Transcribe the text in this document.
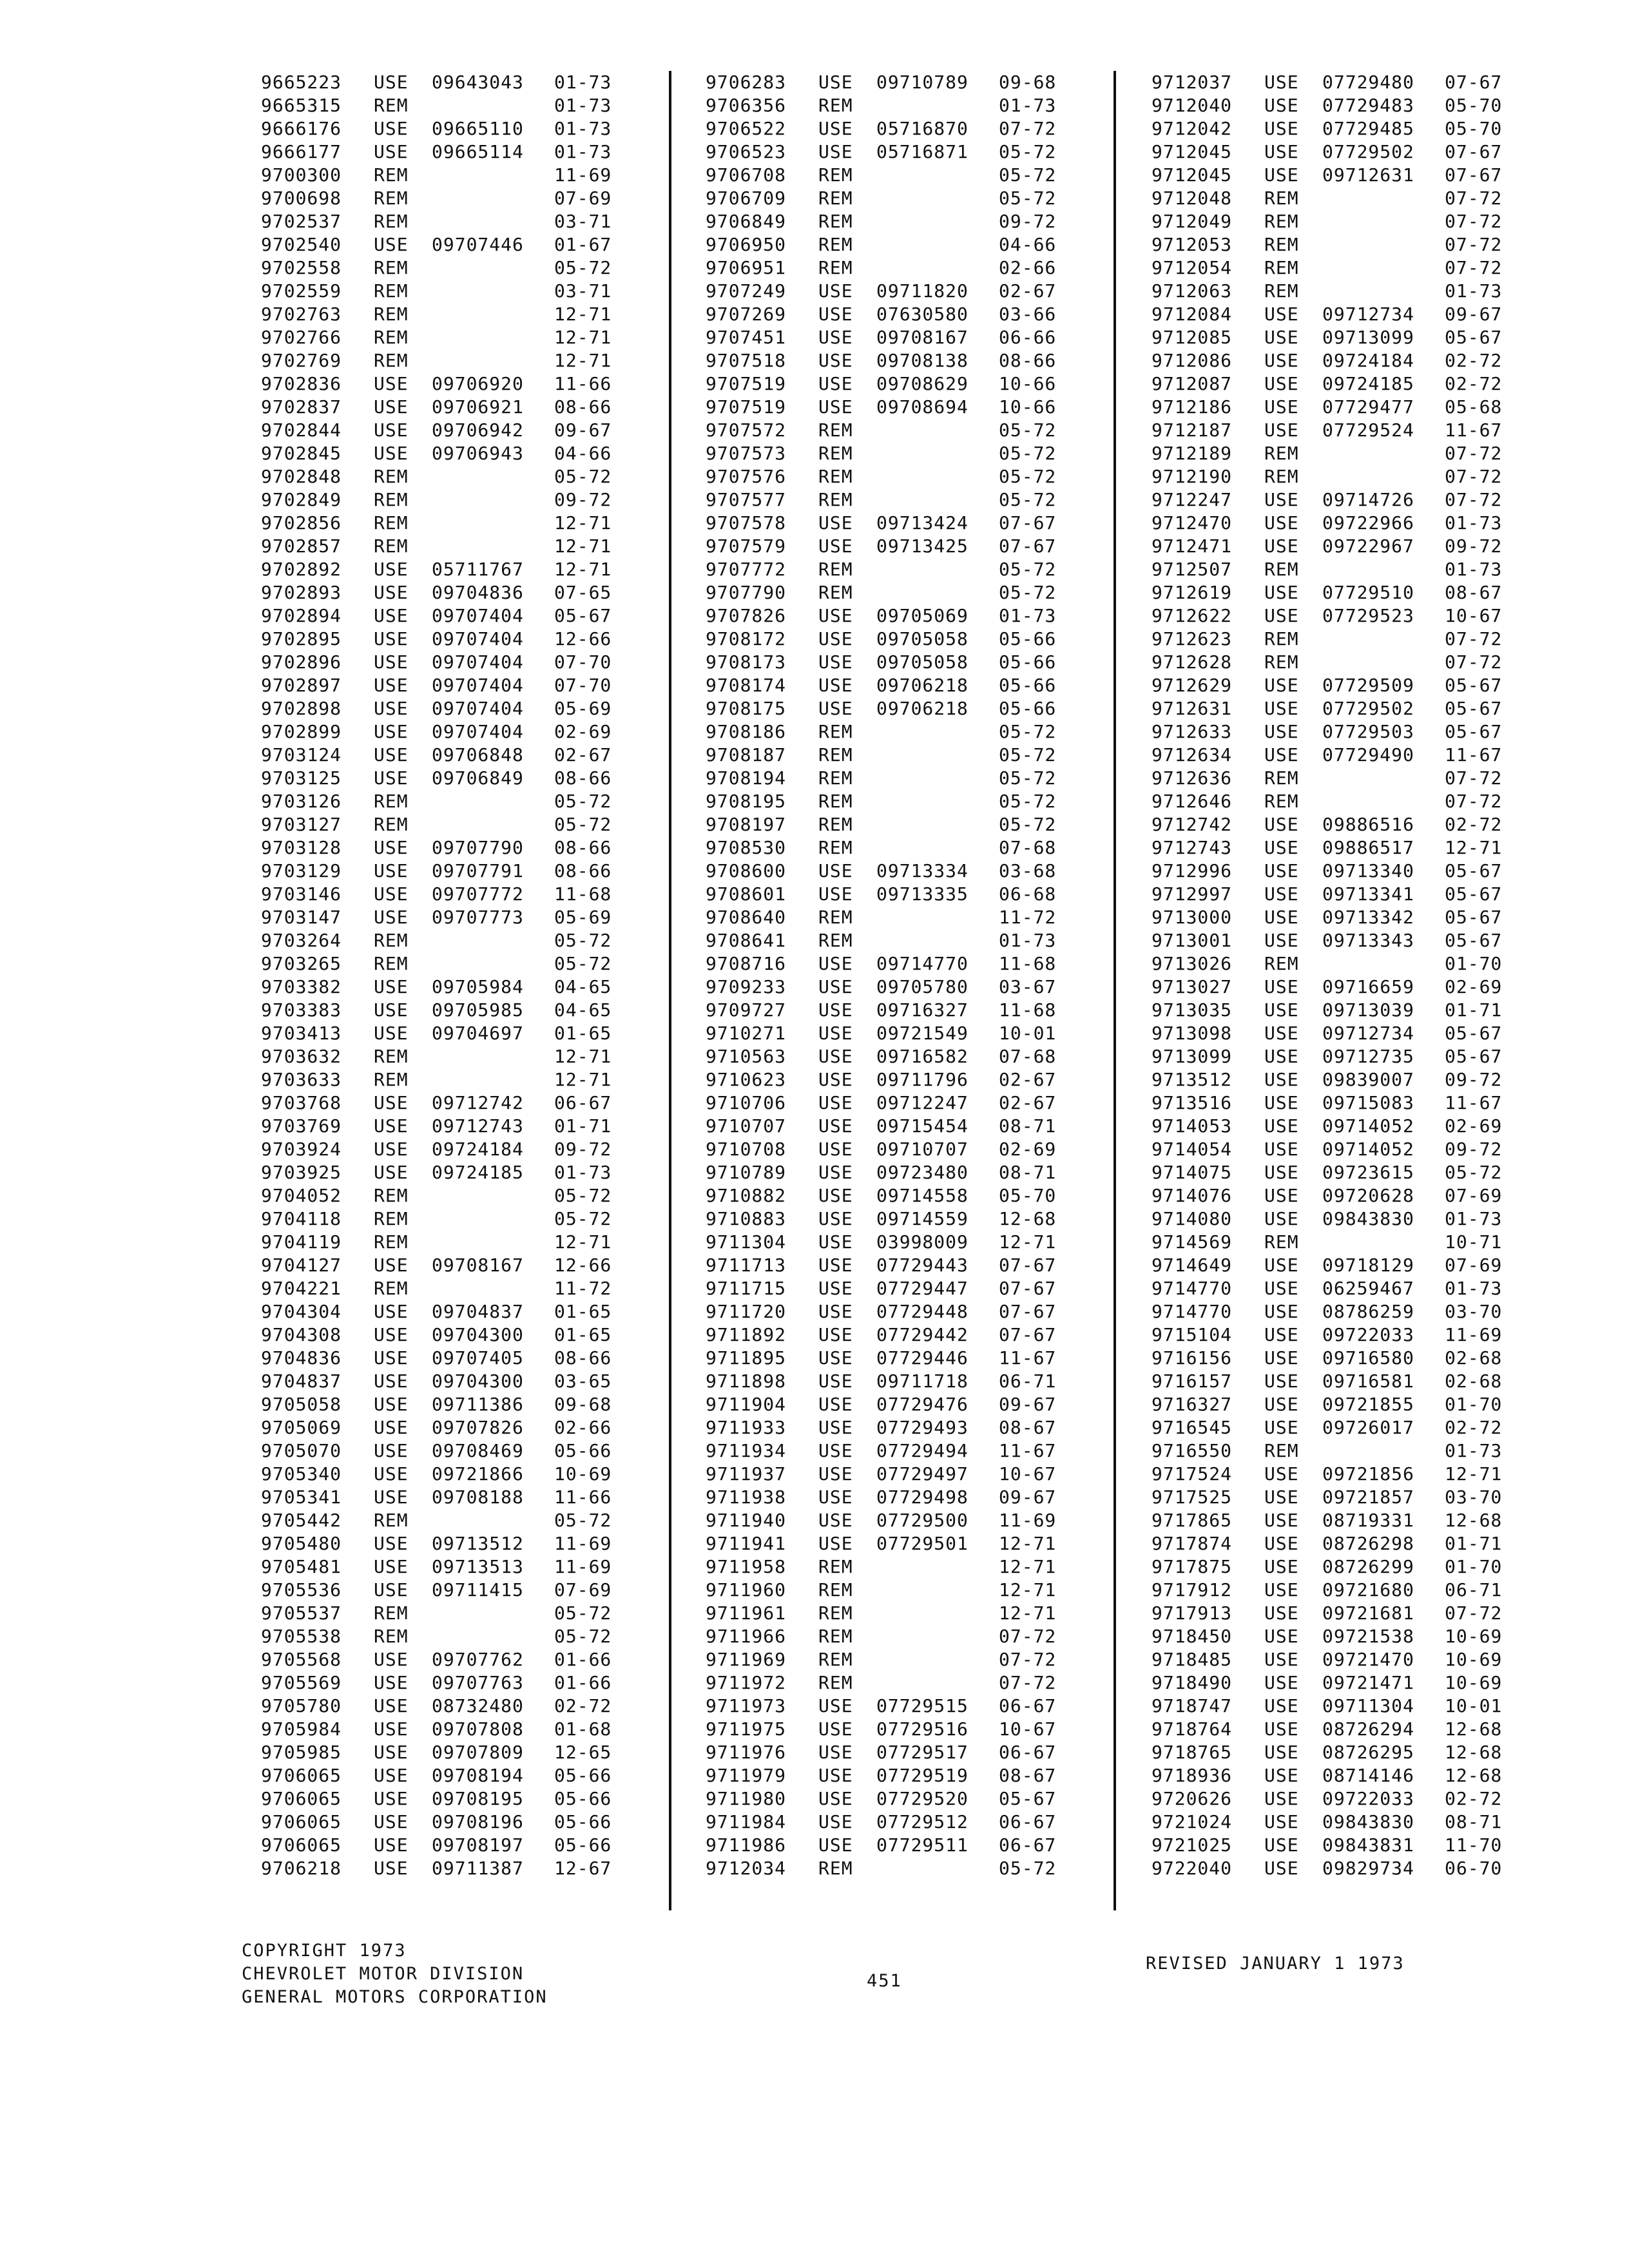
9665223 USE 09643043 01-73
9665315 REM	01-73
9666176 USE 09665110 01-73
9666177 USE 09665114 01-73
9700300 REM	11-69
9700698 REM	07-69
9702537 REM	03-71
9702540 USE 09707446 01-67
9702558 REM	05-72
9702559 REM	03-71
9702763 REM	12-71
9702766 REM	12-71
9702769 REM	12-71
9702836 USE 09706920 11-66
9702837 USE 09706921 08-66
9702844 USE 09706942 09-67
9702845 USE 09706943 04-66
9702848 REM	05-72
9702849 REM	09-72
9702856 REM	12-71
9702857 REM	12-71
9702892 USE 05711767 12-71
9702893 USE 09704836 07-65
9702894 USE 09707404 05-67
9702895 USE 09707404 12-66
9702896 USE 09707404 07-70
9702897 USE 09707404 07-70
9702898 USE 09707404 05-69
9702899 USE 09707404 02-69
9703124 USE 09706848 02-67
9703125 USE 09706849 08-66
9703126 REM	05-72
9703127 REM	05-72
9703128 USE 09707790 08-66
9703129 USE 09707791 08-66
9703146 USE 09707772 11-68
9703147 USE 09707773 05-69
9703264 REM	05-72
9703265 REM	05-72
9703382 USE 09705984 04-65
9703383 USE 09705985 04-65
9703413 USE 09704697 01-65
9703632 REM	12-71
9703633 REM	12-71
9703768 USE 09712742 06-67
9703769 USE 09712743 01-71
9703924 USE 09724184 09-72
9703925 USE 09724185 01-73
9704052 REM	05-72
9704118 REM	05-72
9704119 REM	12-71
9704127 USE 09708167 12-66
9704221 REM	11-72
9704304 USE 09704837 01-65
9704308 USE 09704300 01-65
9704836 USE 09707405 08-66
9704837 USE 09704300 03-65
9705058 USE 09711386 09-68
9705069 USE 09707826 02-66
9705070 USE 09708469 05-66
9705340 USE 09721866 10-69
9705341 USE 09708188 11-66
9705442 REM	05-72
9705480 USE 09713512 11-69
9705481 USE 09713513 11-69
9705536 USE 09711415 07-69
9705537 REM	05-72
9705538 REM	05-72
9705568 USE 09707762 01-66
9705569 USE 09707763 01-66
9705780 USE 08732480 02-72
9705984 USE 09707808 01-68
9705985 USE 09707809 12-65
9706065 USE 09708194 05-66
9706065 USE 09708195 05-66
9706065 USE 09708196 05-66
9706065 USE 09708197 05-66
9706218 USE 09711387 12-67
9706283 USE 09710789 09-68
9706356 REM	01-73
9706522 USE 05716870 07-72
9706523 USE 05716871 05-72
9706708 REM	05-72
9706709 REM	05-72
9706849 REM	09-72
9706950 REM	04-66
9706951 REM	02-66
9707249 USE 09711820 02-67
9707269 USE 07630580 03-66
9707451 USE 09708167 06-66
9707518 USE 09708138 08-66
9707519 USE 09708629 10-66
9707519 USE 09708694 10-66
9707572 REM	05-72
9707573 REM	05-72
9707576 REM	05-72
9707577 REM	05-72
9707578 USE 09713424 07-67
9707579 USE 09713425 07-67
9707772 REM	05-72
9707790 REM	05-72
9707826 USE 09705069 01-73
9708172 USE 09705058 05-66
9708173 USE 09705058 05-66
9708174 USE 09706218 05-66
9708175 USE 09706218 05-66
9708186 REM	05-72
9708187 REM	05-72
9708194 REM	05-72
9708195 REM	05-72
9708197 REM	05-72
9708530 REM	07-68
9708600 USE 09713334 03-68
9708601 USE 09713335 06-68
9708640 REM	11-72
9708641 REM	01-73
9708716 USE 09714770 11-68
9709233 USE 09705780 03-67
9709727 USE 09716327 11-68
9710271 USE 09721549 10-01
9710563 USE 09716582 07-68
9710623 USE 09711796 02-67
9710706 USE 09712247 02-67
9710707 USE 09715454 08-71
9710708 USE 09710707 02-69
9710789 USE 09723480 08-71
9710882 USE 09714558 05-70
9710883 USE 09714559 12-68
9711304 USE 03998009 12-71
9711713 USE 07729443 07-67
9711715 USE 07729447 07-67
9711720 USE 07729448 07-67
9711892 USE 07729442 07-67
9711895 USE 07729446 11-67
9711898 USE 09711718 06-71
9711904 USE 07729476 09-67
9711933 USE 07729493 08-67
9711934 USE 07729494 11-67
9711937 USE 07729497 10-67
9711938 USE 07729498 09-67
9711940 USE 07729500 11-69
9711941 USE 07729501 12-71
9711958 REM	12-71
9711960 REM	12-71
9711961 REM	12-71
9711966 REM	07-72
9711969 REM	07-72
9711972 REM	07-72
9711973 USE 07729515 06-67
9711975 USE 07729516 10-67
9711976 USE 07729517 06-67
9711979 USE 07729519 08-67
9711980 USE 07729520 05-67
9711984 USE 07729512 06-67
9711986 USE 07729511 06-67
9712034 REM	05-72
9712037 USE 07729480 07-67
9712040 USE 07729483 05-70
9712042 USE 07729485 05-70
9712045 USE 07729502 07-67
9712045 USE 09712631 07-67
9712048 REM	07-72
9712049 REM	07-72
9712053 REM	07-72
9712054 REM	07-72
9712063 REM	01-73
9712084 USE 09712734 09-67
9712085 USE 09713099 05-67
9712086 USE 09724184 02-72
9712087 USE 09724185 02-72
9712186 USE 07729477 05-68
9712187 USE 07729524 11-67
9712189 REM	07-72
9712190 REM	07-72
9712247 USE 09714726 07-72
9712470 USE 09722966 01-73
9712471 USE 09722967 09-72
9712507 REM	01-73
9712619 USE 07729510 08-67
9712622 USE 07729523 10-67
9712623 REM	07-72
9712628 REM	07-72
9712629 USE 07729509 05-67
9712631 USE 07729502 05-67
9712633 USE 07729503 05-67
9712634 USE 07729490 11-67
9712636 REM	07-72
9712646 REM	07-72
9712742 USE 09886516 02-72
9712743 USE 09886517 12-71
9712996 USE 09713340 05-67
9712997 USE 09713341 05-67
9713000 USE 09713342 05-67
9713001 USE 09713343 05-67
9713026 REM	01-70
9713027 USE 09716659 02-69
9713035 USE 09713039 01-71
9713098 USE 09712734 05-67
9713099 USE 09712735 05-67
9713512 USE 09839007 09-72
9713516 USE 09715083 11-67
9714053 USE 09714052 02-69
9714054 USE 09714052 09-72
9714075 USE 09723615 05-72
9714076 USE 09720628 07-69
9714080 USE 09843830 01-73
9714569 REM	10-71
9714649 USE 09718129 07-69
9714770 USE 06259467 01-73
9714770 USE 08786259 03-70
9715104 USE 09722033 11-69
9716156 USE 09716580 02-68
9716157 USE 09716581 02-68
9716327 USE 09721855 01-70
9716545 USE 09726017 02-72
9716550 REM	01-73
9717524 USE 09721856 12-71
9717525 USE 09721857 03-70
9717865 USE 08719331 12-68
9717874 USE 08726298 01-71
9717875 USE 08726299 01-70
9717912 USE 09721680 06-71
9717913 USE 09721681 07-72
9718450 USE 09721538 10-69
9718485 USE 09721470 10-69
9718490 USE 09721471 10-69
9718747 USE 09711304 10-01
9718764 USE 08726294 12-68
9718765 USE 08726295 12-68
9718936 USE 08714146 12-68
9720626 USE 09722033 02-72
9721024 USE 09843830 08-71
9721025 USE 09843831 11-70
9722040 USE 09829734 06-70
COPYRIGHT 1973
CHEVROLET MOTOR DIVISION
GENERAL MOTORS CORPORATION
451
REVISED JANUARY 1 1973
